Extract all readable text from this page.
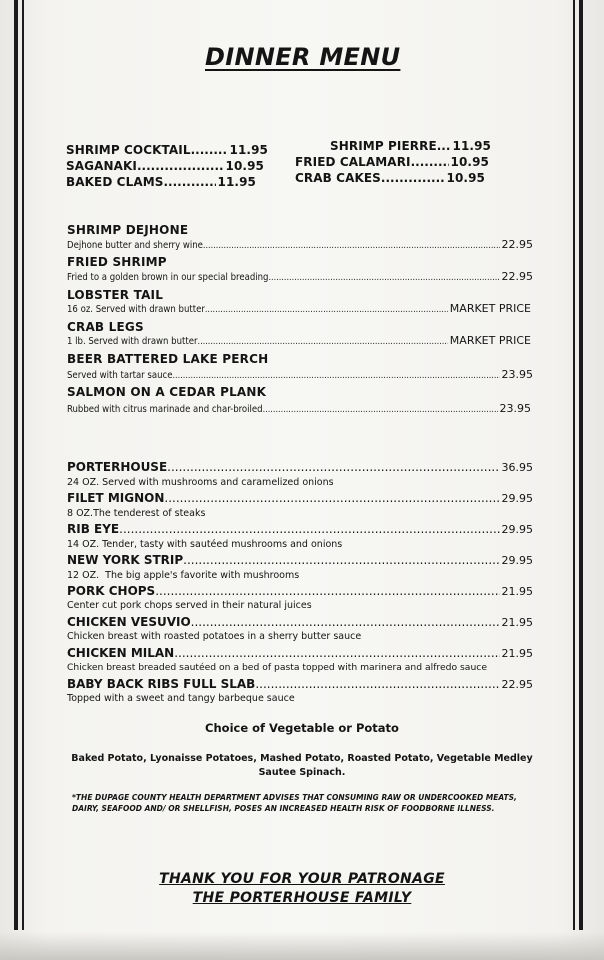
DINNER MENU
SHRIMP COCKTAIL .....	11.95
SAGANAKI .....	10.95
BAKED CLAMS .....	11.95
SHRIMP PIERRE ..... 11.95
FRIED CALAMARI .....	10.95
CRAB CAKES .....	10.95
SHRIMP DEJHONE
Dejhone butter and sherry wine .....	22.95
FRIED SHRIMP
Fried to a golden brown in our special breading .....	22.95
LOBSTER TAIL
16 oz. Served with drawn butter .....	MARKET PRICE
CRAB LEGS
1 lb. Served with drawn butter .....	MARKET PRICE
BEER BATTERED LAKE PERCH
Served with tartar sauce .....	23.95
SALMON ON A CEDAR PLANK
Rubbed with citrus marinade and char-broiled .....	23.95
PORTERHOUSE .....	36.95
24 OZ. Served with mushrooms and caramelized onions
FILET MIGNON .....	29.95
8 OZ.The tenderest of steaks
RIB EYE .....	29.95
14 OZ. Tender, tasty with sautéed mushrooms and onions
NEW YORK STRIP .....	29.95
12 OZ.  The big apple's favorite with mushrooms
PORK CHOPS .....	21.95
Center cut pork chops served in their natural juices
CHICKEN VESUVIO .....	21.95
Chicken breast with roasted potatoes in a sherry butter sauce
CHICKEN MILAN .....	21.95
Chicken breast breaded sautéed on a bed of pasta topped with marinera and alfredo sauce
BABY BACK RIBS FULL SLAB .....	22.95
Topped with a sweet and tangy barbeque sauce
Choice of Vegetable or Potato
Baked Potato, Lyonaisse Potatoes, Mashed Potato, Roasted Potato, Vegetable Medley Sautee Spinach.
*THE DUPAGE COUNTY HEALTH DEPARTMENT ADVISES THAT CONSUMING RAW OR UNDERCOOKED MEATS, DAIRY, SEAFOOD AND/ OR SHELLFISH, POSES AN INCREASED HEALTH RISK OF FOODBORNE ILLNESS.
THANK YOU FOR YOUR PATRONAGE
THE PORTERHOUSE FAMILY
